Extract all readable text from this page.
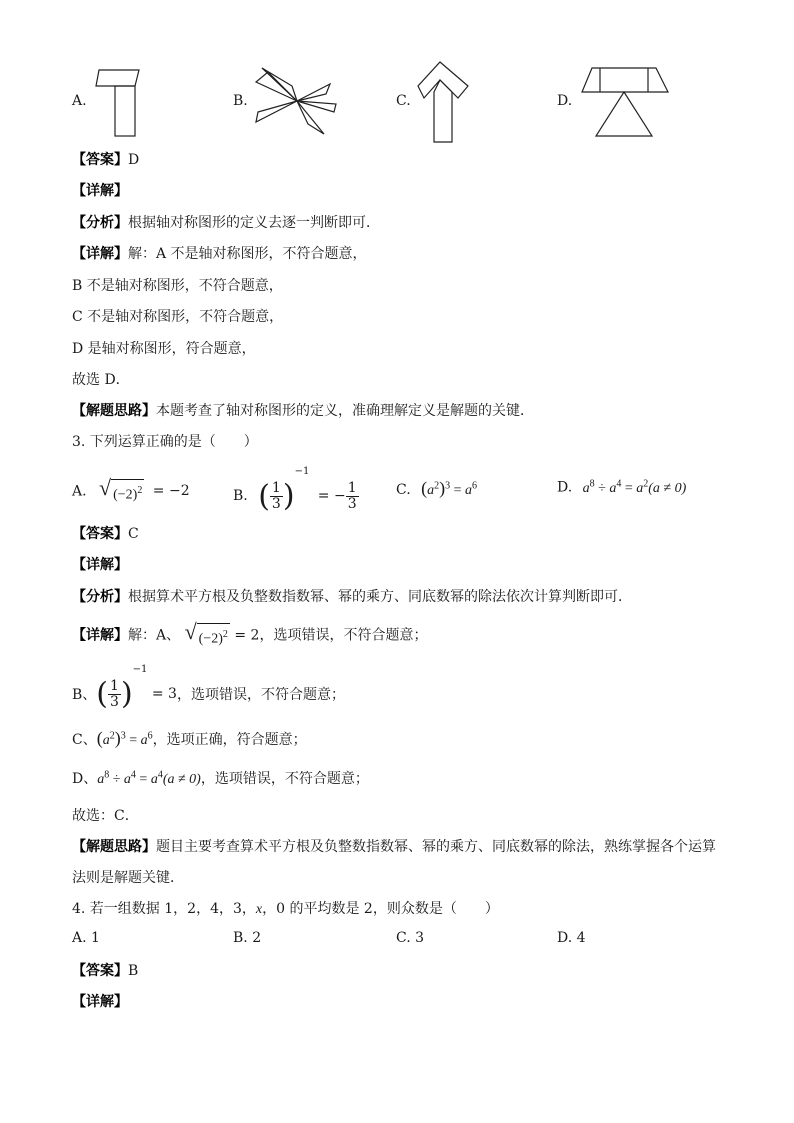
A.	B.	C.	D.
【答案】D
【详解】
【分析】根据轴对称图形的定义去逐一判断即可．
【详解】解：A 不是轴对称图形，不符合题意，
B 不是轴对称图形，不符合题意，
C 不是轴对称图形，不符合题意，
D 是轴对称图形，符合题意，
故选 D．
【解题思路】本题考查了轴对称图形的定义，准确理解定义是解题的关键．
3. 下列运算正确的是（　　）
A. √ $(-2)^2 = -2$	B. ( $\frac{1}{3} )^{-1}$ = − $\frac{1}{3}$	C. $(a^2)^3 = a^6$	D. $a^8 \div a^4 = a^2(a \ne 0)$
【答案】C
【详解】
【分析】根据算术平方根及负整数指数幂、幂的乘方、同底数幂的除法依次计算判断即可．
【详解】解：A、 √ $(-2)^2 = 2$，选项错误，不符合题意；
B、( $\frac{1}{3} )^{-1} = 3$，选项错误，不符合题意；
C、$(a^2)^3 = a^6$，选项正确，符合题意；
D、$a^8 \div a^4 = a^4(a \ne 0)$，选项错误，不符合题意；
故选：C．
【解题思路】题目主要考查算术平方根及负整数指数幂、幂的乘方、同底数幂的除法，熟练掌握各个运算
法则是解题关键．
4. 若一组数据 1，2，4，3，x，0 的平均数是 2，则众数是（　　）
A. 1	B. 2	C. 3	D. 4
【答案】B
【详解】
